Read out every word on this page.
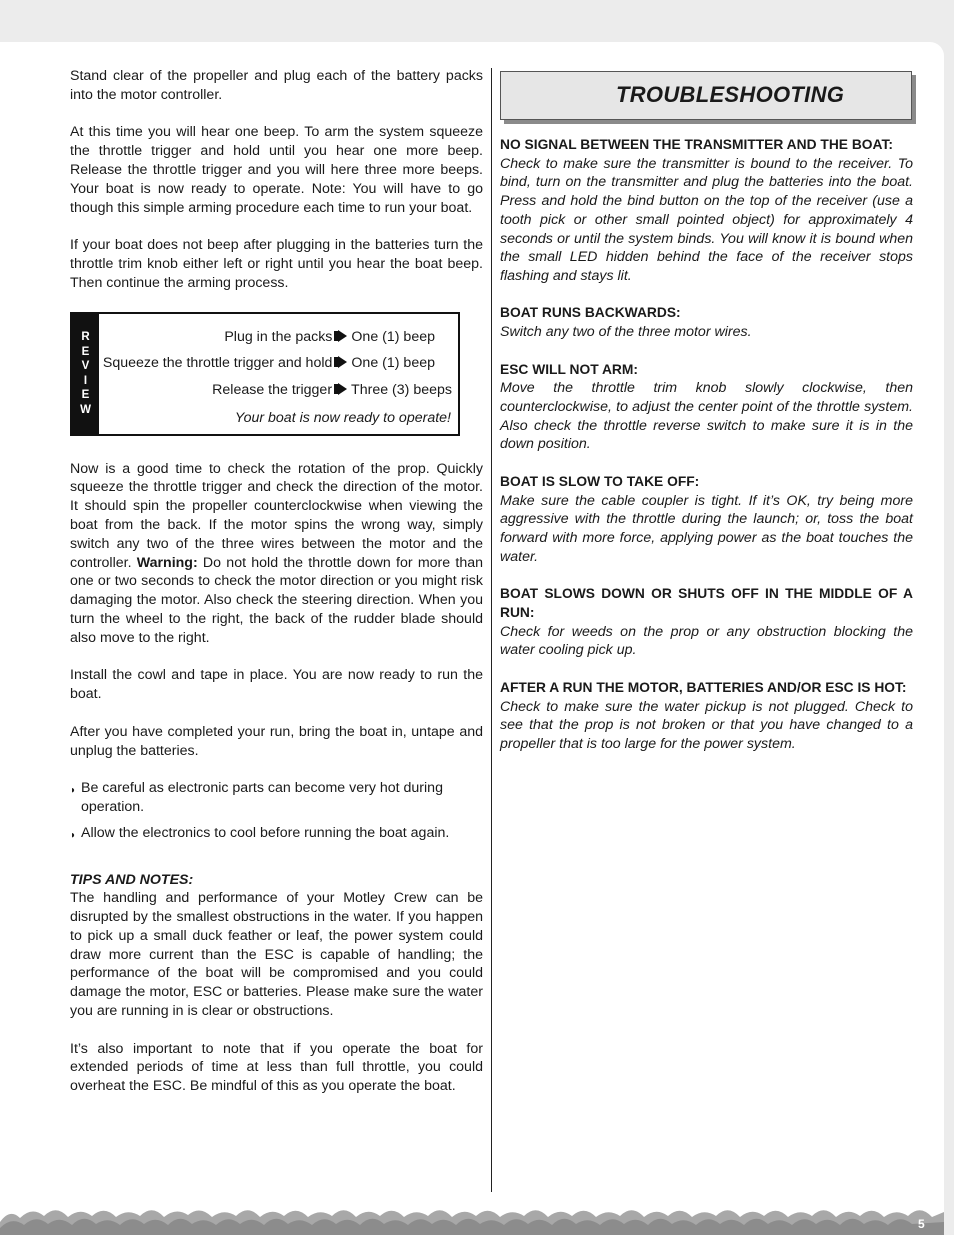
Stand clear of the propeller and plug each of the battery packs into the motor controller.

At this time you will hear one beep. To arm the system squeeze the throttle trigger and hold until you hear one more beep. Release the throttle trigger and you will here three more beeps. Your boat is now ready to operate. Note: You will have to go though this simple arming procedure each time to run your boat.

If your boat does not beep after plugging in the batteries turn the throttle trim knob either left or right until you hear the boat beep. Then continue the arming process.

R
E
V
I
E
W
Plug in the packs One (1) beep
Squeeze the throttle trigger and hold One (1) beep
Release the trigger Three (3) beeps
Your boat is now ready to operate!

Now is a good time to check the rotation of the prop. Quickly squeeze the throttle trigger and check the direction of the motor. It should spin the propeller counterclockwise when viewing the boat from the back. If the motor spins the wrong way, simply switch any two of the three wires between the motor and the controller. Warning: Do not hold the throttle down for more than one or two seconds to check the motor direction or you might risk damaging the motor. Also check the steering direction. When you turn the wheel to the right, the back of the rudder blade should also move to the right.

Install the cowl and tape in place. You are now ready to run the boat.

After you have completed your run, bring the boat in, untape and unplug the batteries.

◗ Be careful as electronic parts can become very hot during operation.
◗ Allow the electronics to cool before running the boat again.

TIPS AND NOTES:

The handling and performance of your Motley Crew can be disrupted by the smallest obstructions in the water. If you happen to pick up a small duck feather or leaf, the power system could draw more current than the ESC is capable of handling; the performance of the boat will be compromised and you could damage the motor, ESC or batteries. Please make sure the water you are running in is clear or obstructions.

It’s also important to note that if you operate the boat for extended periods of time at less than full throttle, you could overheat the ESC. Be mindful of this as you operate the boat.

TROUBLESHOOTING

NO SIGNAL BETWEEN THE TRANSMITTER AND THE BOAT:

Check to make sure the transmitter is bound to the receiver. To bind, turn on the transmitter and plug the batteries into the boat. Press and hold the bind button on the top of the receiver (use a tooth pick or other small pointed object) for approximately 4 seconds or until the system binds. You will know it is bound when the small LED hidden behind the face of the receiver stops flashing and stays lit.

BOAT RUNS BACKWARDS:

Switch any two of the three motor wires.

ESC WILL NOT ARM:

Move the throttle trim knob slowly clockwise, then counterclockwise, to adjust the center point of the throttle system. Also check the throttle reverse switch to make sure it is in the down position.

BOAT IS SLOW TO TAKE OFF:

Make sure the cable coupler is tight. If it’s OK, try being more aggressive with the throttle during the launch; or, toss the boat forward with more force, applying power as the boat touches the water.

BOAT SLOWS DOWN OR SHUTS OFF IN THE MIDDLE OF A RUN:

Check for weeds on the prop or any obstruction blocking the water cooling pick up.

AFTER A RUN THE MOTOR, BATTERIES AND/OR ESC IS HOT:

Check to make sure the water pickup is not plugged. Check to see that the prop is not broken or that you have changed to a propeller that is too large for the power system.

5
